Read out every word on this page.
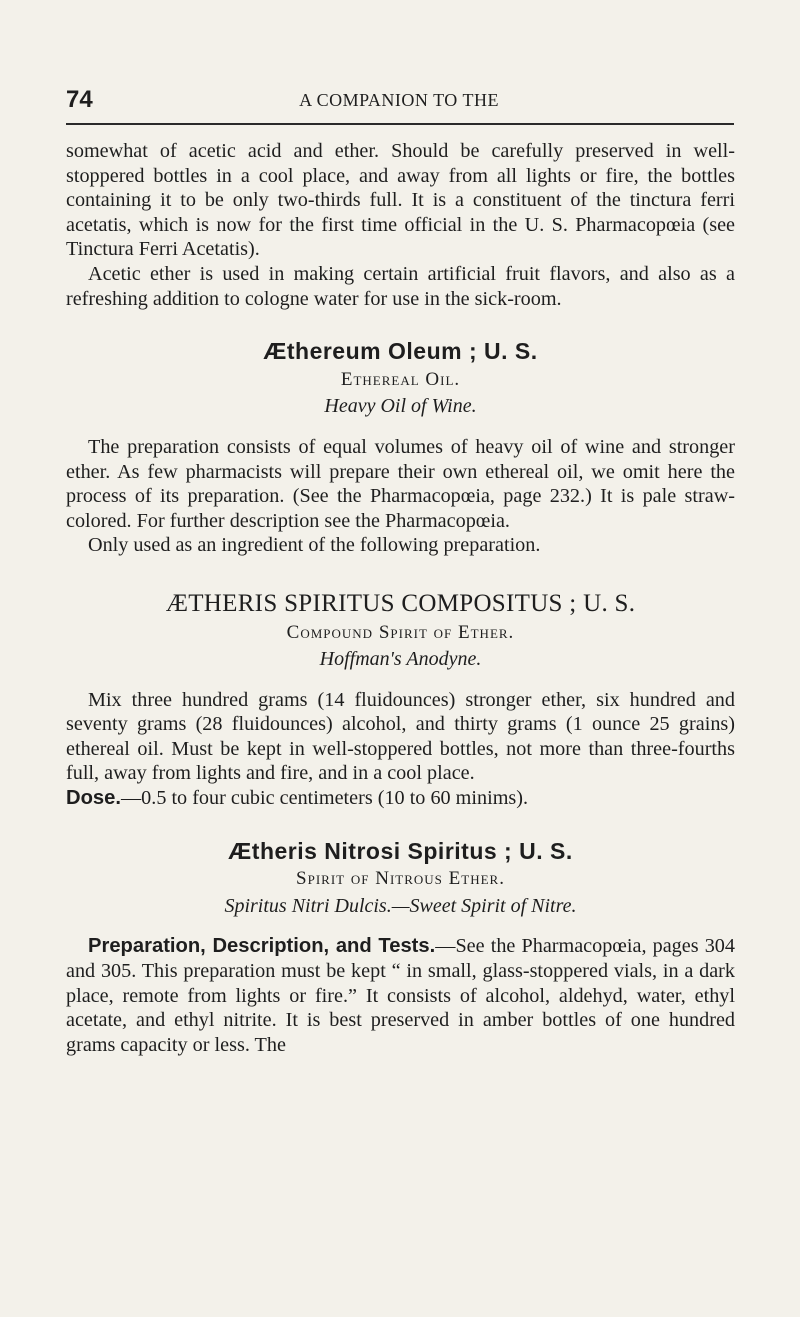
74	A COMPANION TO THE

somewhat of acetic acid and ether. Should be carefully preserved in well-stoppered bottles in a cool place, and away from all lights or fire, the bottles containing it to be only two-thirds full. It is a constituent of the tinctura ferri acetatis, which is now for the first time official in the U. S. Pharmacopœia (see Tinctura Ferri Acetatis).

Acetic ether is used in making certain artificial fruit flavors, and also as a refreshing addition to cologne water for use in the sick-room.

Æthereum Oleum ; U. S.
Ethereal Oil.
Heavy Oil of Wine.

The preparation consists of equal volumes of heavy oil of wine and stronger ether. As few pharmacists will prepare their own ethereal oil, we omit here the process of its preparation. (See the Pharmacopœia, page 232.) It is pale straw-colored. For further description see the Pharmacopœia.

Only used as an ingredient of the following preparation.

ÆTHERIS SPIRITUS COMPOSITUS ; U. S.
Compound Spirit of Ether.
Hoffman's Anodyne.

Mix three hundred grams (14 fluidounces) stronger ether, six hundred and seventy grams (28 fluidounces) alcohol, and thirty grams (1 ounce 25 grains) ethereal oil. Must be kept in well-stoppered bottles, not more than three-fourths full, away from lights and fire, and in a cool place.

Dose.—0.5 to four cubic centimeters (10 to 60 minims).

Ætheris Nitrosi Spiritus ; U. S.
Spirit of Nitrous Ether.
Spiritus Nitri Dulcis.—Sweet Spirit of Nitre.

Preparation, Description, and Tests.—See the Pharmacopœia, pages 304 and 305. This preparation must be kept “ in small, glass-stoppered vials, in a dark place, remote from lights or fire.” It consists of alcohol, aldehyd, water, ethyl acetate, and ethyl nitrite. It is best preserved in amber bottles of one hundred grams capacity or less. The
